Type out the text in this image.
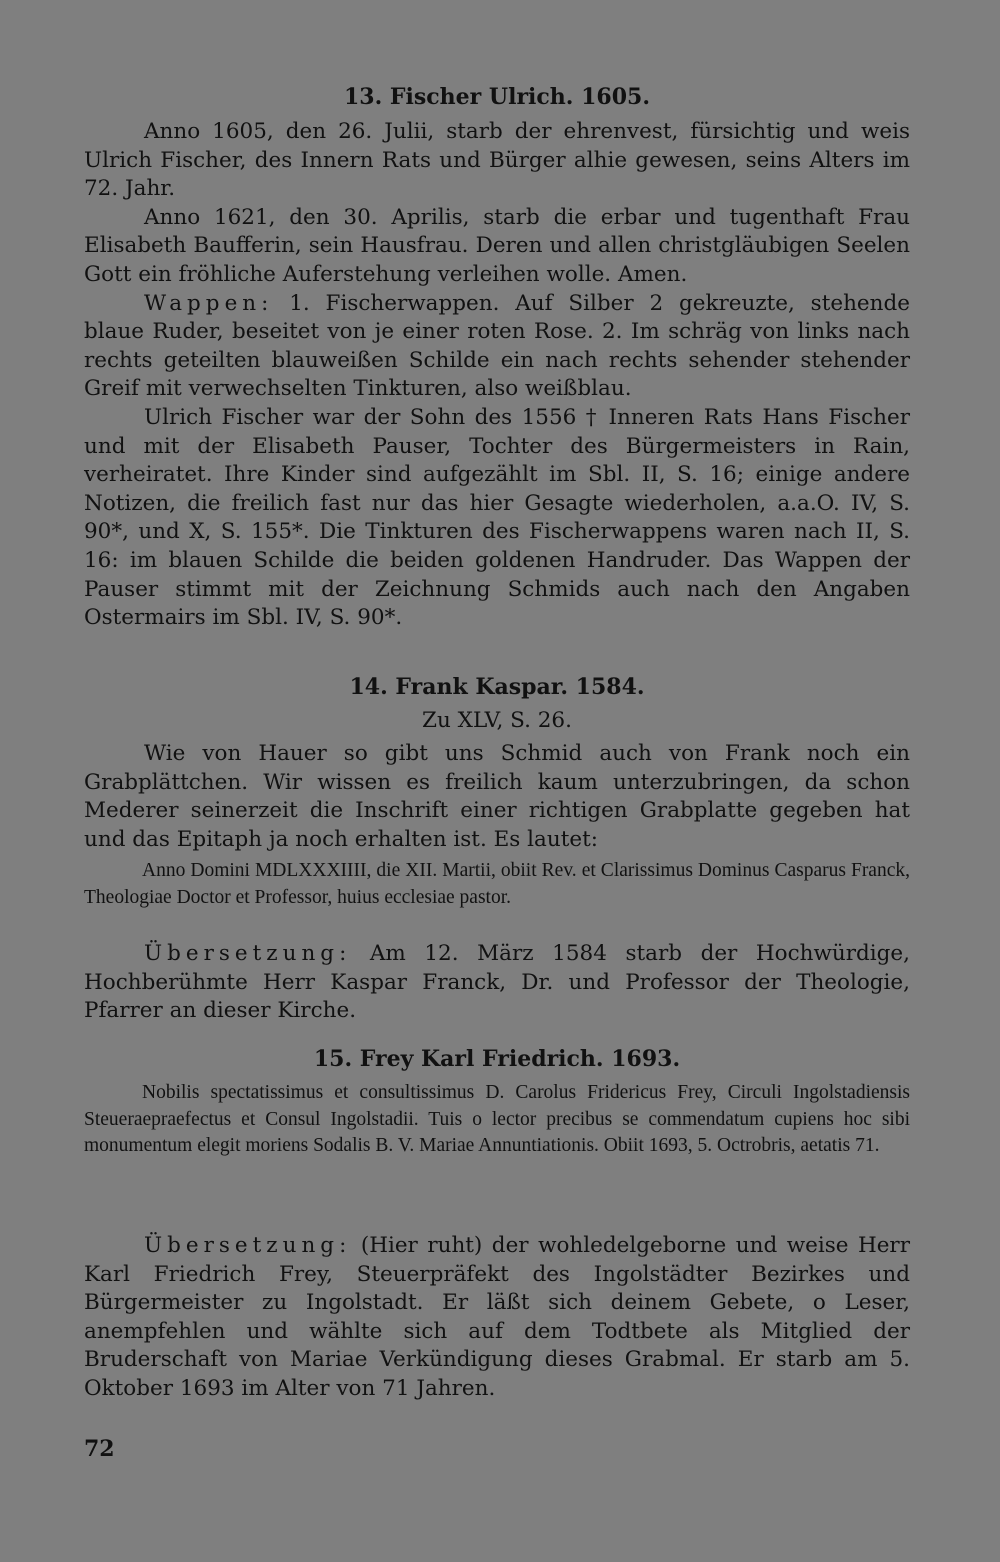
13. Fischer Ulrich. 1605.

Anno 1605, den 26. Julii, starb der ehrenvest, fürsichtig und weis Ulrich Fischer, des Innern Rats und Bürger alhie gewesen, seins Alters im 72. Jahr.

Anno 1621, den 30. Aprilis, starb die erbar und tugenthaft Frau Elisabeth Baufferin, sein Hausfrau. Deren und allen christgläubigen Seelen Gott ein fröhliche Auferstehung verleihen wolle. Amen.

Wappen: 1. Fischerwappen. Auf Silber 2 gekreuzte, stehende blaue Ruder, beseitet von je einer roten Rose. 2. Im schräg von links nach rechts geteilten blauweißen Schilde ein nach rechts sehender stehender Greif mit verwechselten Tinkturen, also weißblau.

Ulrich Fischer war der Sohn des 1556 † Inneren Rats Hans Fischer und mit der Elisabeth Pauser, Tochter des Bürgermeisters in Rain, verheiratet. Ihre Kinder sind aufgezählt im Sbl. II, S. 16; einige andere Notizen, die freilich fast nur das hier Gesagte wiederholen, a.a.O. IV, S. 90*, und X, S. 155*. Die Tinkturen des Fischerwappens waren nach II, S. 16: im blauen Schilde die beiden goldenen Handruder. Das Wappen der Pauser stimmt mit der Zeichnung Schmids auch nach den Angaben Ostermairs im Sbl. IV, S. 90*.

14. Frank Kaspar. 1584.
Zu XLV, S. 26.

Wie von Hauer so gibt uns Schmid auch von Frank noch ein Grabplättchen. Wir wissen es freilich kaum unterzubringen, da schon Mederer seinerzeit die Inschrift einer richtigen Grabplatte gegeben hat und das Epitaph ja noch erhalten ist. Es lautet:

Anno Domini MDLXXXIIII, die XII. Martii, obiit Rev. et Clarissimus Dominus Casparus Franck, Theologiae Doctor et Professor, huius ecclesiae pastor.

Übersetzung: Am 12. März 1584 starb der Hochwürdige, Hochberühmte Herr Kaspar Franck, Dr. und Professor der Theologie, Pfarrer an dieser Kirche.

15. Frey Karl Friedrich. 1693.

Nobilis spectatissimus et consultissimus D. Carolus Fridericus Frey, Circuli Ingolstadiensis Steueraepraefectus et Consul Ingolstadii. Tuis o lector precibus se commendatum cupiens hoc sibi monumentum elegit moriens Sodalis B. V. Mariae Annuntiationis. Obiit 1693, 5. Octrobris, aetatis 71.

Übersetzung: (Hier ruht) der wohledelgeborne und weise Herr Karl Friedrich Frey, Steuerpräfekt des Ingolstädter Bezirkes und Bürgermeister zu Ingolstadt. Er läßt sich deinem Gebete, o Leser, anempfehlen und wählte sich auf dem Todtbete als Mitglied der Bruderschaft von Mariae Verkündigung dieses Grabmal. Er starb am 5. Oktober 1693 im Alter von 71 Jahren.

72
